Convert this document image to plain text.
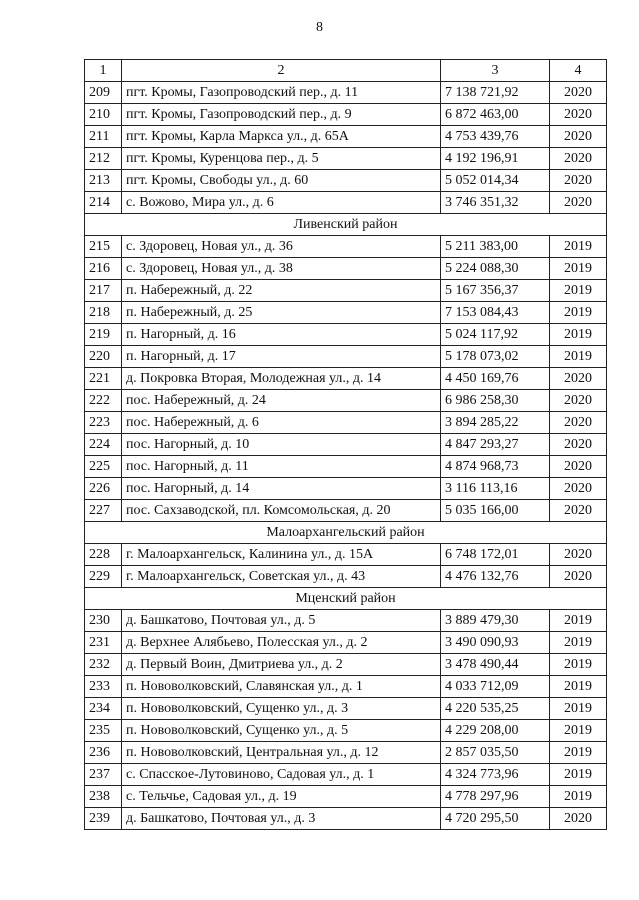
8
1	2	3	4
209	пгт. Кромы, Газопроводский пер., д. 11	7 138 721,92	2020
210	пгт. Кромы, Газопроводский пер., д. 9	6 872 463,00	2020
211	пгт. Кромы, Карла Маркса ул., д. 65А	4 753 439,76	2020
212	пгт. Кромы, Куренцова пер., д. 5	4 192 196,91	2020
213	пгт. Кромы, Свободы ул., д. 60	5 052 014,34	2020
214	с. Вожово, Мира ул., д. 6	3 746 351,32	2020
Ливенский район			
215	с. Здоровец, Новая ул., д. 36	5 211 383,00	2019
216	с. Здоровец, Новая ул., д. 38	5 224 088,30	2019
217	п. Набережный, д. 22	5 167 356,37	2019
218	п. Набережный, д. 25	7 153 084,43	2019
219	п. Нагорный, д. 16	5 024 117,92	2019
220	п. Нагорный, д. 17	5 178 073,02	2019
221	д. Покровка Вторая, Молодежная ул., д. 14	4 450 169,76	2020
222	пос. Набережный, д. 24	6 986 258,30	2020
223	пос. Набережный, д. 6	3 894 285,22	2020
224	пос. Нагорный, д. 10	4 847 293,27	2020
225	пос. Нагорный, д. 11	4 874 968,73	2020
226	пос. Нагорный, д. 14	3 116 113,16	2020
227	пос. Сахзаводской, пл. Комсомольская, д. 20	5 035 166,00	2020
Малоархангельский район			
228	г. Малоархангельск, Калинина ул., д. 15А	6 748 172,01	2020
229	г. Малоархангельск, Советская ул., д. 43	4 476 132,76	2020
Мценский район			
230	д. Башкатово, Почтовая ул., д. 5	3 889 479,30	2019
231	д. Верхнее Алябьево, Полесская ул., д. 2	3 490 090,93	2019
232	д. Первый Воин, Дмитриева ул., д. 2	3 478 490,44	2019
233	п. Нововолковский, Славянская ул., д. 1	4 033 712,09	2019
234	п. Нововолковский, Сущенко ул., д. 3	4 220 535,25	2019
235	п. Нововолковский, Сущенко ул., д. 5	4 229 208,00	2019
236	п. Нововолковский, Центральная ул., д. 12	2 857 035,50	2019
237	с. Спасское-Лутовиново, Садовая ул., д. 1	4 324 773,96	2019
238	с. Тельчье, Садовая ул., д. 19	4 778 297,96	2019
239	д. Башкатово, Почтовая ул., д. 3	4 720 295,50	2020
